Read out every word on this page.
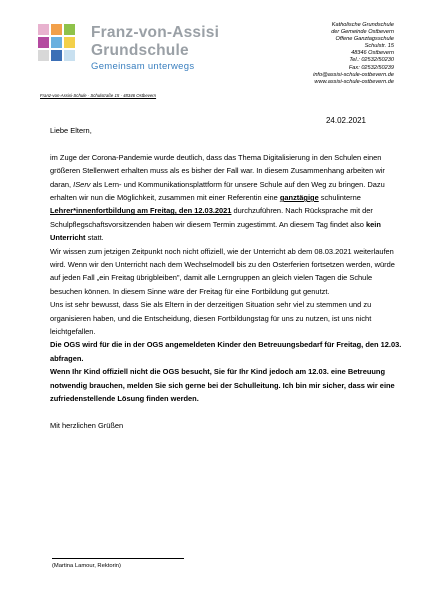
Franz-von-Assisi
Grundschule
Gemeinsam unterwegs
Katholische Grundschule
der Gemeinde Ostbevern
Offene Ganztagsschule
Schulstr. 15
48346 Ostbevern
Tel.: 02532/50230
Fax: 02532/50239
info@assisi-schule-ostbevern.de
www.assisi-schule-ostbevern.de
Franz-von-Assisi-Schule · Schulstraße 15 · 48346 Ostbevern
24.02.2021

Liebe Eltern,

im Zuge der Corona-Pandemie wurde deutlich, dass das Thema Digitalisierung in den Schulen einen größeren Stellenwert erhalten muss als es bisher der Fall war. In diesem Zusammenhang arbeiten wir daran, IServ als Lern- und Kommunikationsplattform für unsere Schule auf den Weg zu bringen. Dazu erhalten wir nun die Möglichkeit, zusammen mit einer Referentin eine ganztägige schulinterne Lehrer*innenfortbildung am Freitag, den 12.03.2021 durchzuführen. Nach Rücksprache mit der Schulpflegschaftsvorsitzenden haben wir diesem Termin zugestimmt. An diesem Tag findet also kein Unterricht statt.

Wir wissen zum jetzigen Zeitpunkt noch nicht offiziell, wie der Unterricht ab dem 08.03.2021 weiterlaufen wird. Wenn wir den Unterricht nach dem Wechselmodell bis zu den Osterferien fortsetzen werden, würde auf jeden Fall „ein Freitag übrigbleiben", damit alle Lerngruppen an gleich vielen Tagen die Schule besuchen können. In diesem Sinne wäre der Freitag für eine Fortbildung gut genutzt.

Uns ist sehr bewusst, dass Sie als Eltern in der derzeitigen Situation sehr viel zu stemmen und zu organisieren haben, und die Entscheidung, diesen Fortbildungstag für uns zu nutzen, ist uns nicht leichtgefallen.

Die OGS wird für die in der OGS angemeldeten Kinder den Betreuungsbedarf für Freitag, den 12.03. abfragen.

Wenn Ihr Kind offiziell nicht die OGS besucht, Sie für Ihr Kind jedoch am 12.03. eine Betreuung notwendig brauchen, melden Sie sich gerne bei der Schulleitung. Ich bin mir sicher, dass wir eine zufriedenstellende Lösung finden werden.

Mit herzlichen Grüßen

(Martina Lamour, Rektorin)
